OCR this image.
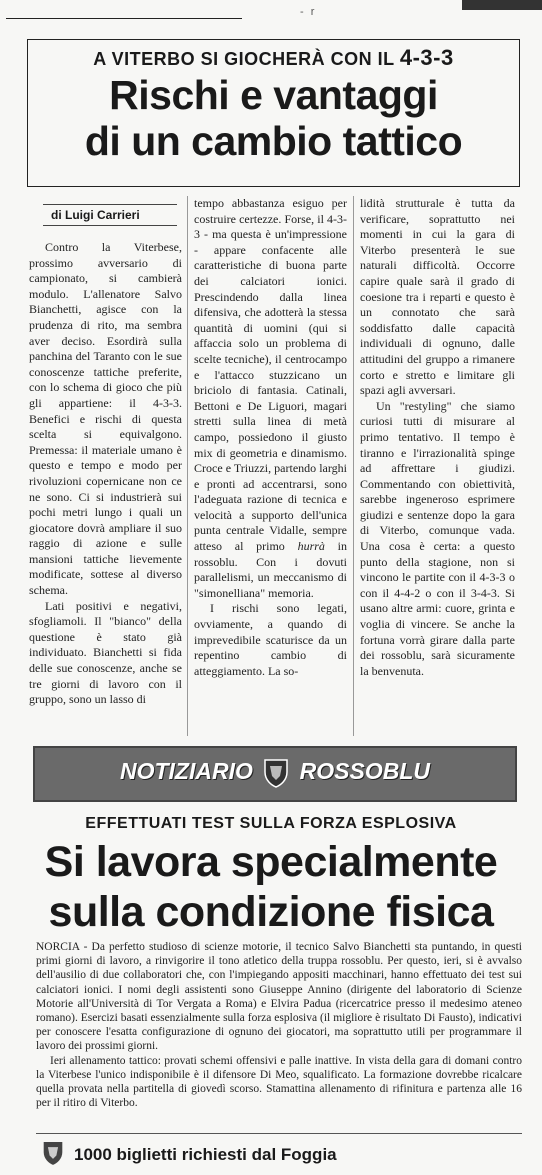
- r
A VITERBO SI GIOCHERÀ CON IL 4-3-3
Rischi e vantaggi
di un cambio tattico
di Luigi Carrieri

Contro la Viterbese, prossimo avversario di campionato, si cambierà modulo. L'allenatore Salvo Bianchetti, agisce con la prudenza di rito, ma sembra aver deciso. Esordirà sulla panchina del Taranto con le sue conoscenze tattiche preferite, con lo schema di gioco che più gli appartiene: il 4-3-3. Benefici e rischi di questa scelta si equivalgono. Premessa: il materiale umano è questo e tempo e modo per rivoluzioni copernicane non ce ne sono. Ci si industrierà sui pochi metri lungo i quali un giocatore dovrà ampliare il suo raggio di azione e sulle mansioni tattiche lievemente modificate, sottese al diverso schema.

Lati positivi e negativi, sfogliamoli. Il "bianco" della questione è stato già individuato. Bianchetti si fida delle sue conoscenze, anche se tre giorni di lavoro con il gruppo, sono un lasso di

tempo abbastanza esiguo per costruire certezze. Forse, il 4-3-3 - ma questa è un'impressione - appare confacente alle caratteristiche di buona parte dei calciatori ionici. Prescindendo dalla linea difensiva, che adotterà la stessa quantità di uomini (qui si affaccia solo un problema di scelte tecniche), il centrocampo e l'attacco stuzzicano un briciolo di fantasia. Catinali, Bettoni e De Liguori, magari stretti sulla linea di metà campo, possiedono il giusto mix di geometria e dinamismo. Croce e Triuzzi, partendo larghi e pronti ad accentrarsi, sono l'adeguata razione di tecnica e velocità a supporto dell'unica punta centrale Vidalle, sempre atteso al primo hurrà in rossoblu. Con i dovuti parallelismi, un meccanismo di "simonelliana" memoria.

I rischi sono legati, ovviamente, a quando di imprevedibile scaturisce da un repentino cambio di atteggiamento. La so-

lidità strutturale è tutta da verificare, soprattutto nei momenti in cui la gara di Viterbo presenterà le sue naturali difficoltà. Occorre capire quale sarà il grado di coesione tra i reparti e questo è un connotato che sarà soddisfatto dalle capacità individuali di ognuno, dalle attitudini del gruppo a rimanere corto e stretto e limitare gli spazi agli avversari.

Un "restyling" che siamo curiosi tutti di misurare al primo tentativo. Il tempo è tiranno e l'irrazionalità spinge ad affrettare i giudizi. Commentando con obiettività, sarebbe ingeneroso esprimere giudizi e sentenze dopo la gara di Viterbo, comunque vada. Una cosa è certa: a questo punto della stagione, non si vincono le partite con il 4-3-3 o con il 4-4-2 o con il 3-4-3. Si usano altre armi: cuore, grinta e voglia di vincere. Se anche la fortuna vorrà girare dalla parte dei rossoblu, sarà sicuramente la benvenuta.

NOTIZIARIO ROSSOBLU
EFFETTUATI TEST SULLA FORZA ESPLOSIVA
Si lavora specialmente
sulla condizione fisica

NORCIA - Da perfetto studioso di scienze motorie, il tecnico Salvo Bianchetti sta puntando, in questi primi giorni di lavoro, a rinvigorire il tono atletico della truppa rossoblu. Per questo, ieri, si è avvalso dell'ausilio di due collaboratori che, con l'impiegando appositi macchinari, hanno effettuato dei test sui calciatori ionici. I nomi degli assistenti sono Giuseppe Annino (dirigente del laboratorio di Scienze Motorie all'Università di Tor Vergata a Roma) e Elvira Padua (ricercatrice presso il medesimo ateneo romano). Esercizi basati essenzialmente sulla forza esplosiva (il migliore è risultato Di Fausto), indicativi per conoscere l'esatta configurazione di ognuno dei giocatori, ma soprattutto utili per programmare il lavoro dei prossimi giorni.

Ieri allenamento tattico: provati schemi offensivi e palle inattive. In vista della gara di domani contro la Viterbese l'unico indisponibile è il difensore Di Meo, squalificato. La formazione dovrebbe ricalcare quella provata nella partitella di giovedì scorso. Stamattina allenamento di rifinitura e partenza alle 16 per il ritiro di Viterbo.

1000 biglietti richiesti dal Foggia
